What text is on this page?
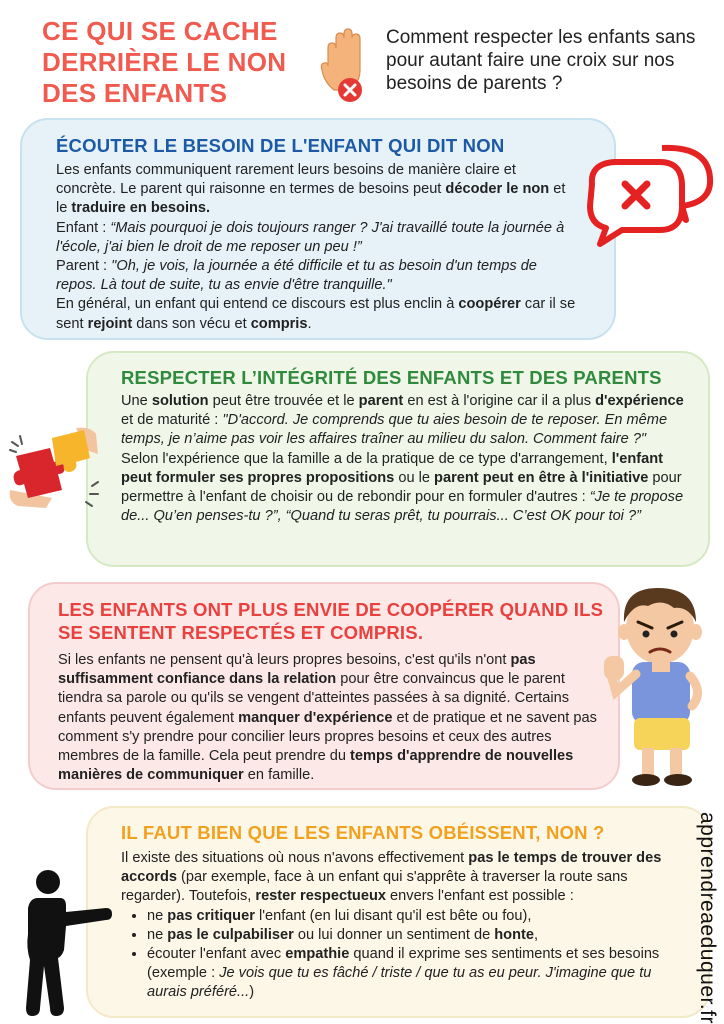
CE QUI SE CACHE DERRIÈRE LE NON DES ENFANTS
Comment respecter les enfants sans pour autant faire une croix sur nos besoins de parents ?
ÉCOUTER LE BESOIN DE L'ENFANT QUI DIT NON
Les enfants communiquent rarement leurs besoins de manière claire et concrète. Le parent qui raisonne en termes de besoins peut décoder le non et le traduire en besoins.
Enfant : “Mais pourquoi je dois toujours ranger ? J'ai travaillé toute la journée à l'école, j'ai bien le droit de me reposer un peu !”
Parent : "Oh, je vois, la journée a été difficile et tu as besoin d'un temps de repos. Là tout de suite, tu as envie d'être tranquille."
En général, un enfant qui entend ce discours est plus enclin à coopérer car il se sent rejoint dans son vécu et compris.
RESPECTER L’INTÉGRITÉ DES ENFANTS ET DES PARENTS
Une solution peut être trouvée et le parent en est à l'origine car il a plus d'expérience et de maturité : "D'accord. Je comprends que tu aies besoin de te reposer. En même temps, je n’aime pas voir les affaires traîner au milieu du salon. Comment faire ?"
Selon l'expérience que la famille a de la pratique de ce type d'arrangement, l'enfant peut formuler ses propres propositions ou le parent peut en être à l'initiative pour permettre à l'enfant de choisir ou de rebondir pour en formuler d'autres : “Je te propose de... Qu’en penses-tu ?”, “Quand tu seras prêt, tu pourrais... C’est OK pour toi ?”
LES ENFANTS ONT PLUS ENVIE DE COOPÉRER QUAND ILS SE SENTENT RESPECTÉS ET COMPRIS.
Si les enfants ne pensent qu'à leurs propres besoins, c'est qu'ils n'ont pas suffisamment confiance dans la relation pour être convaincus que le parent tiendra sa parole ou qu'ils se vengent d'atteintes passées à sa dignité. Certains enfants peuvent également manquer d'expérience et de pratique et ne savent pas comment s'y prendre pour concilier leurs propres besoins et ceux des autres membres de la famille. Cela peut prendre du temps d'apprendre de nouvelles manières de communiquer en famille.
IL FAUT BIEN QUE LES ENFANTS OBÉISSENT, NON ?
Il existe des situations où nous n'avons effectivement pas le temps de trouver des accords (par exemple, face à un enfant qui s'apprête à traverser la route sans regarder). Toutefois, rester respectueux envers l'enfant est possible :
• ne pas critiquer l'enfant (en lui disant qu'il est bête ou fou),
• ne pas le culpabiliser ou lui donner un sentiment de honte,
• écouter l'enfant avec empathie quand il exprime ses sentiments et ses besoins (exemple : Je vois que tu es fâché / triste / que tu as eu peur. J'imagine que tu aurais préféré...)	apprendreaeduquer.fr
